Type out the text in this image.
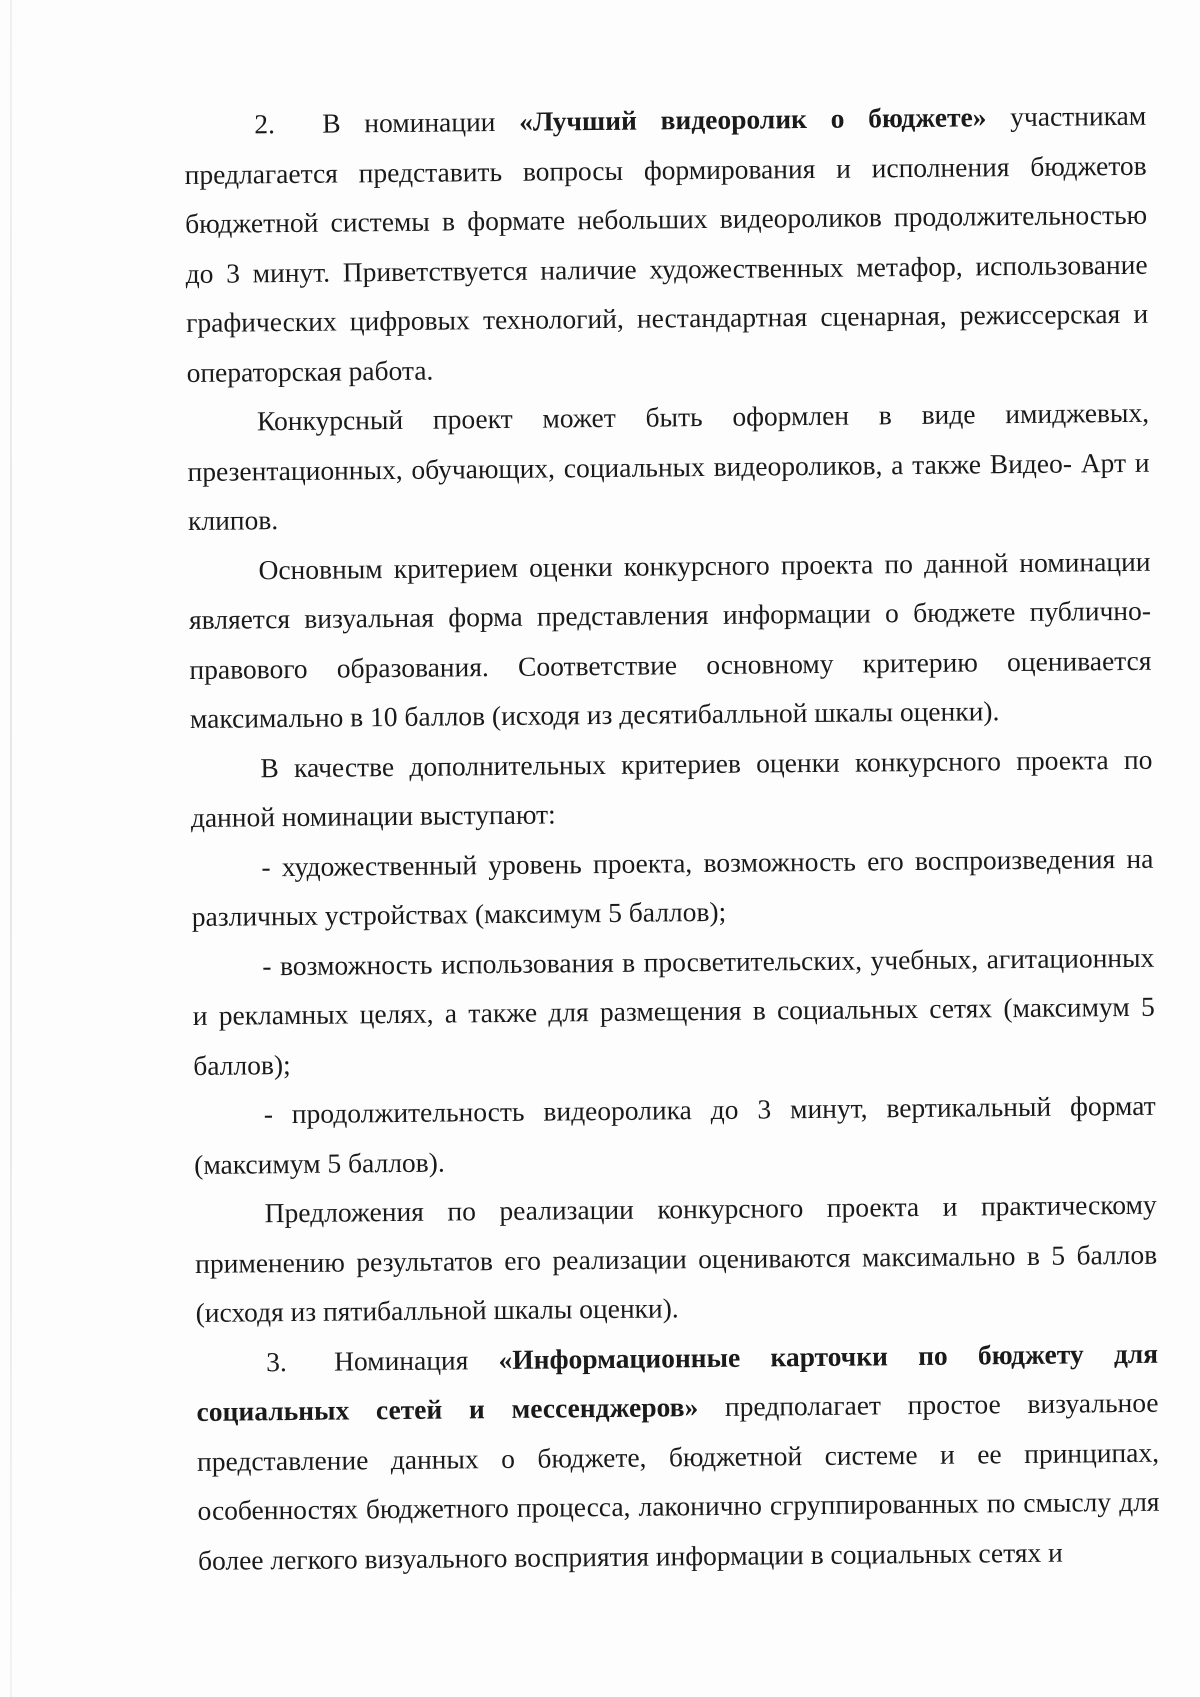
2. В номинации «Лучший видеоролик о бюджете» участникам предлагается представить вопросы формирования и исполнения бюджетов бюджетной системы в формате небольших видеороликов продолжительностью до 3 минут. Приветствуется наличие художественных метафор, использование графических цифровых технологий, нестандартная сценарная, режиссерская и операторская работа.

Конкурсный проект может быть оформлен в виде имиджевых, презентационных, обучающих, социальных видеороликов, а также Видео- Арт и клипов.

Основным критерием оценки конкурсного проекта по данной номинации является визуальная форма представления информации о бюджете публично-правового образования. Соответствие основному критерию оценивается максимально в 10 баллов (исходя из десятибалльной шкалы оценки).

В качестве дополнительных критериев оценки конкурсного проекта по данной номинации выступают:

- художественный уровень проекта, возможность его воспроизведения на различных устройствах (максимум 5 баллов);

- возможность использования в просветительских, учебных, агитационных и рекламных целях, а также для размещения в социальных сетях (максимум 5 баллов);

- продолжительность видеоролика до 3 минут, вертикальный формат (максимум 5 баллов).

Предложения по реализации конкурсного проекта и практическому применению результатов его реализации оцениваются максимально в 5 баллов (исходя из пятибалльной шкалы оценки).

3. Номинация «Информационные карточки по бюджету для социальных сетей и мессенджеров» предполагает простое визуальное представление данных о бюджете, бюджетной системе и ее принципах, особенностях бюджетного процесса, лаконично сгруппированных по смыслу для более легкого визуального восприятия информации в социальных сетях и
